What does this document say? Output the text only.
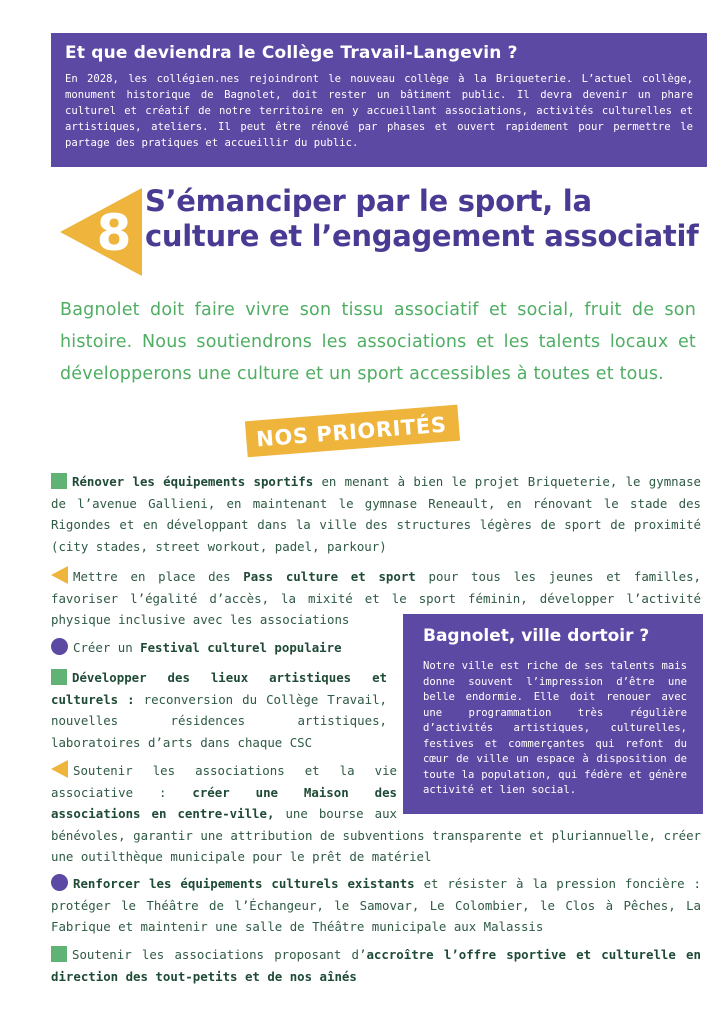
Et que deviendra le Collège Travail-Langevin ?

En 2028, les collégien.nes rejoindront le nouveau collège à la Briqueterie. L’actuel collège, monument historique de Bagnolet, doit rester un bâtiment public. Il devra devenir un phare culturel et créatif de notre territoire en y accueillant associations, activités culturelles et artistiques, ateliers. Il peut être rénové par phases et ouvert rapidement pour permettre le partage des pratiques et accueillir du public.

8
S’émanciper par le sport, la culture et l’engagement associatif

Bagnolet doit faire vivre son tissu associatif et social, fruit de son histoire. Nous soutiendrons les associations et les talents locaux et développerons une culture et un sport accessibles à toutes et tous.

NOS PRIORITÉS

Rénover les équipements sportifs en menant à bien le projet Briqueterie, le gymnase de l’avenue Gallieni, en maintenant le gymnase Reneault, en rénovant le stade des Rigondes et en développant dans la ville des structures légères de sport de proximité (city stades, street workout, padel, parkour)

Mettre en place des Pass culture et sport pour tous les jeunes et familles, favoriser l’égalité d’accès, la mixité et le sport féminin, développer l’activité physique inclusive avec les associations

Créer un Festival culturel populaire

Développer des lieux artistiques et culturels : reconversion du Collège Travail, nouvelles résidences artistiques, laboratoires d’arts dans chaque CSC

Soutenir les associations et la vie associative : créer une Maison des associations en centre-ville, une bourse aux bénévoles, garantir une attribution de subventions transparente et pluriannuelle, créer une outilthèque municipale pour le prêt de matériel

Renforcer les équipements culturels existants et résister à la pression foncière : protéger le Théâtre de l’Échangeur, le Samovar, Le Colombier, le Clos à Pêches, La Fabrique et maintenir une salle de Théâtre municipale aux Malassis

Soutenir les associations proposant d’accroître l’offre sportive et culturelle en direction des tout-petits et de nos aînés

Bagnolet, ville dortoir ?

Notre ville est riche de ses talents mais donne souvent l’impression d’être une belle endormie. Elle doit renouer avec une programmation très régulière d’activités artistiques, culturelles, festives et commerçantes qui refont du cœur de ville un espace à disposition de toute la population, qui fédère et génère activité et lien social.
